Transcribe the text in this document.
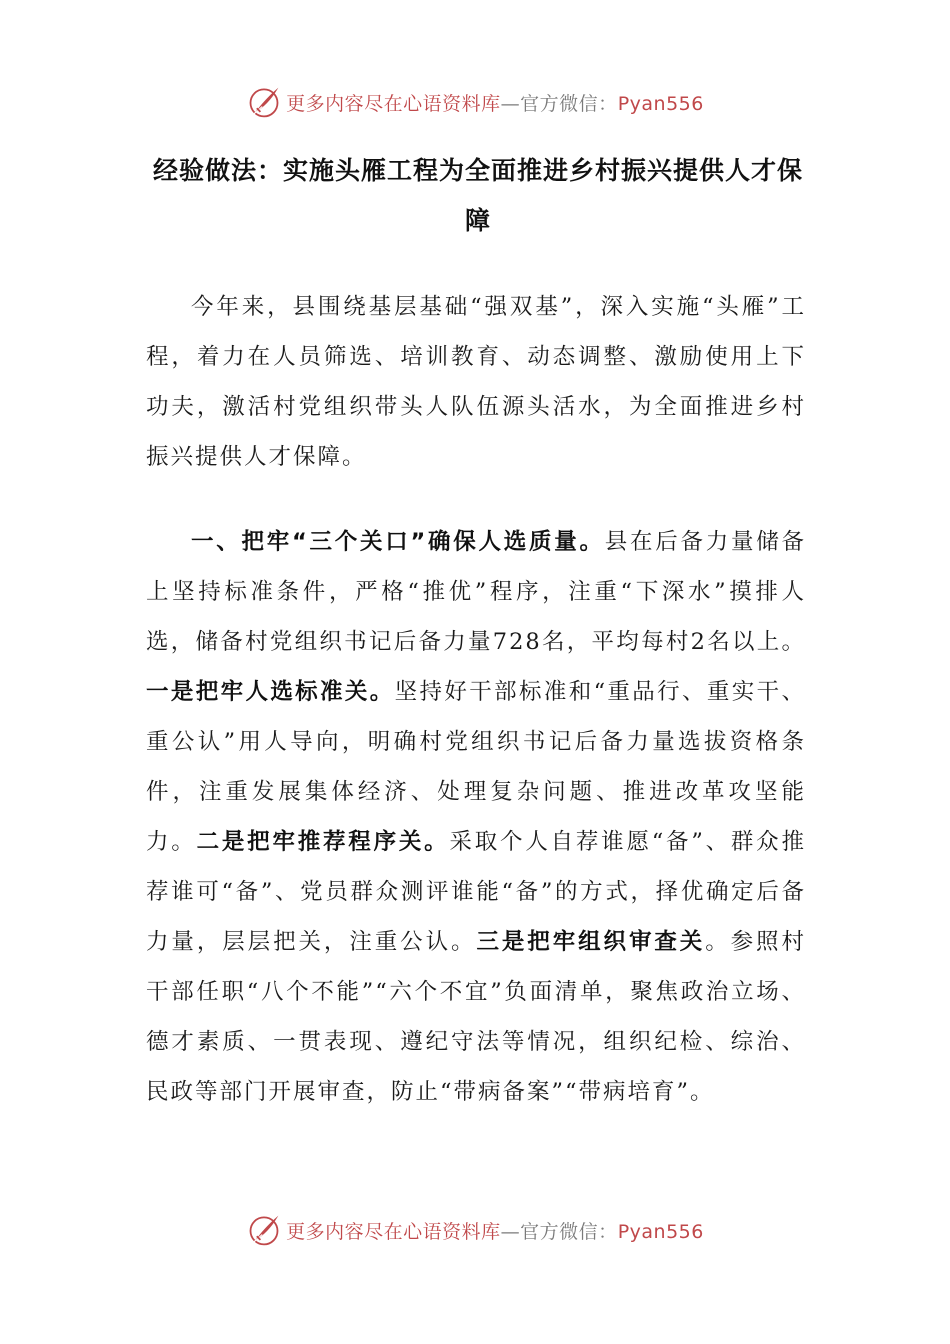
更多内容尽在心语资料库—官方微信：Pyan556
经验做法：实施头雁工程为全面推进乡村振兴提供人才保障

今年来，县围绕基层基础“强双基”，深入实施“头雁”工程，着力在人员筛选、培训教育、动态调整、激励使用上下功夫，激活村党组织带头人队伍源头活水，为全面推进乡村振兴提供人才保障。

一、把牢“三个关口”确保人选质量。县在后备力量储备上坚持标准条件，严格“推优”程序，注重“下深水”摸排人选，储备村党组织书记后备力量728名，平均每村2名以上。一是把牢人选标准关。坚持好干部标准和“重品行、重实干、重公认”用人导向，明确村党组织书记后备力量选拔资格条件，注重发展集体经济、处理复杂问题、推进改革攻坚能力。二是把牢推荐程序关。采取个人自荐谁愿“备”、群众推荐谁可“备”、党员群众测评谁能“备”的方式，择优确定后备力量，层层把关，注重公认。三是把牢组织审查关。参照村干部任职“八个不能”“六个不宜”负面清单，聚焦政治立场、德才素质、一贯表现、遵纪守法等情况，组织纪检、综治、民政等部门开展审查，防止“带病备案”“带病培育”。

更多内容尽在心语资料库—官方微信：Pyan556
